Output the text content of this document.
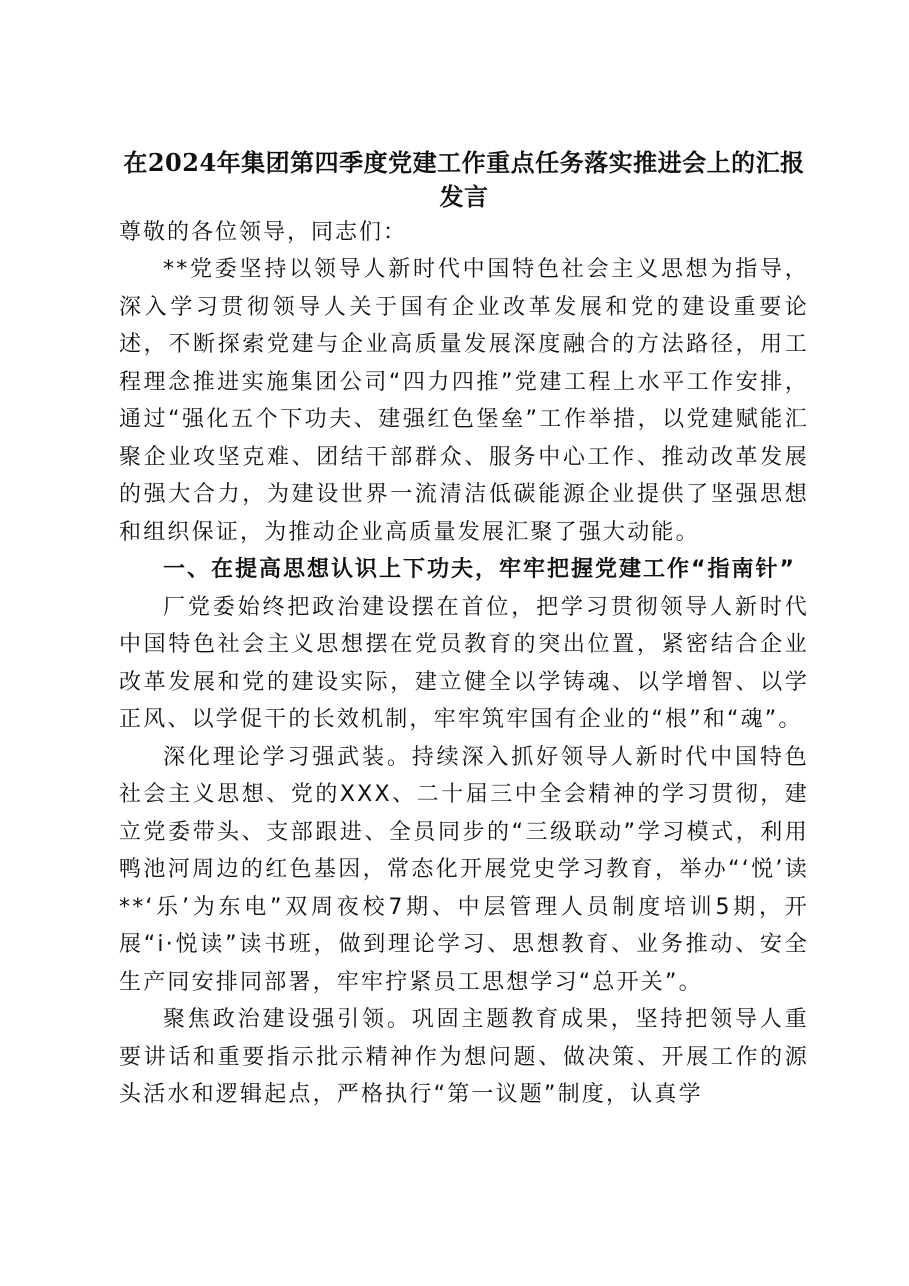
在2024年集团第四季度党建工作重点任务落实推进会上的汇报发言

尊敬的各位领导，同志们：

**党委坚持以领导人新时代中国特色社会主义思想为指导，深入学习贯彻领导人关于国有企业改革发展和党的建设重要论述，不断探索党建与企业高质量发展深度融合的方法路径，用工程理念推进实施集团公司“四力四推”党建工程上水平工作安排，通过“强化五个下功夫、建强红色堡垒”工作举措，以党建赋能汇聚企业攻坚克难、团结干部群众、服务中心工作、推动改革发展的强大合力，为建设世界一流清洁低碳能源企业提供了坚强思想和组织保证，为推动企业高质量发展汇聚了强大动能。

一、在提高思想认识上下功夫，牢牢把握党建工作“指南针”

厂党委始终把政治建设摆在首位，把学习贯彻领导人新时代中国特色社会主义思想摆在党员教育的突出位置，紧密结合企业改革发展和党的建设实际，建立健全以学铸魂、以学增智、以学正风、以学促干的长效机制，牢牢筑牢国有企业的“根”和“魂”。

深化理论学习强武装。持续深入抓好领导人新时代中国特色社会主义思想、党的XXX、二十届三中全会精神的学习贯彻，建立党委带头、支部跟进、全员同步的“三级联动”学习模式，利用鸭池河周边的红色基因，常态化开展党史学习教育，举办“‘悦’读**‘乐’为东电”双周夜校7期、中层管理人员制度培训5期，开展“i·悦读”读书班，做到理论学习、思想教育、业务推动、安全生产同安排同部署，牢牢拧紧员工思想学习“总开关”。

聚焦政治建设强引领。巩固主题教育成果，坚持把领导人重要讲话和重要指示批示精神作为想问题、做决策、开展工作的源头活水和逻辑起点，严格执行“第一议题”制度，认真学
